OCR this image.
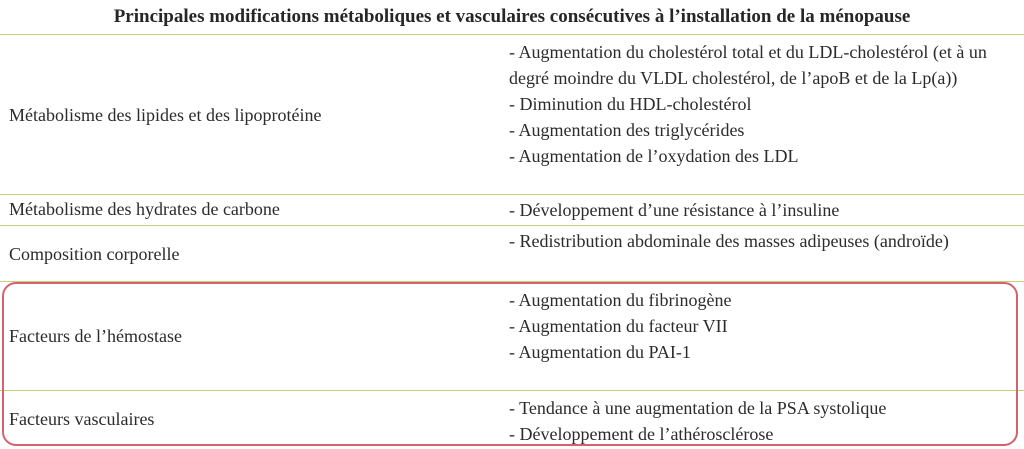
Principales modifications métaboliques et vasculaires consécutives à l’installation de la ménopause
Métabolisme des lipides et des lipoprotéine
- Augmentation du cholestérol total et du LDL-cholestérol (et à un degré moindre du VLDL cholestérol, de l’apoB et de la Lp(a))
- Diminution du HDL-cholestérol
- Augmentation des triglycérides
- Augmentation de l’oxydation des LDL
Métabolisme des hydrates de carbone	- Développement d’une résistance à l’insuline
Composition corporelle
- Redistribution abdominale des masses adipeuses (androïde)
Facteurs de l’hémostase
- Augmentation du fibrinogène
- Augmentation du facteur VII
- Augmentation du PAI-1
Facteurs vasculaires
- Tendance à une augmentation de la PSA systolique
- Développement de l’athérosclérose
